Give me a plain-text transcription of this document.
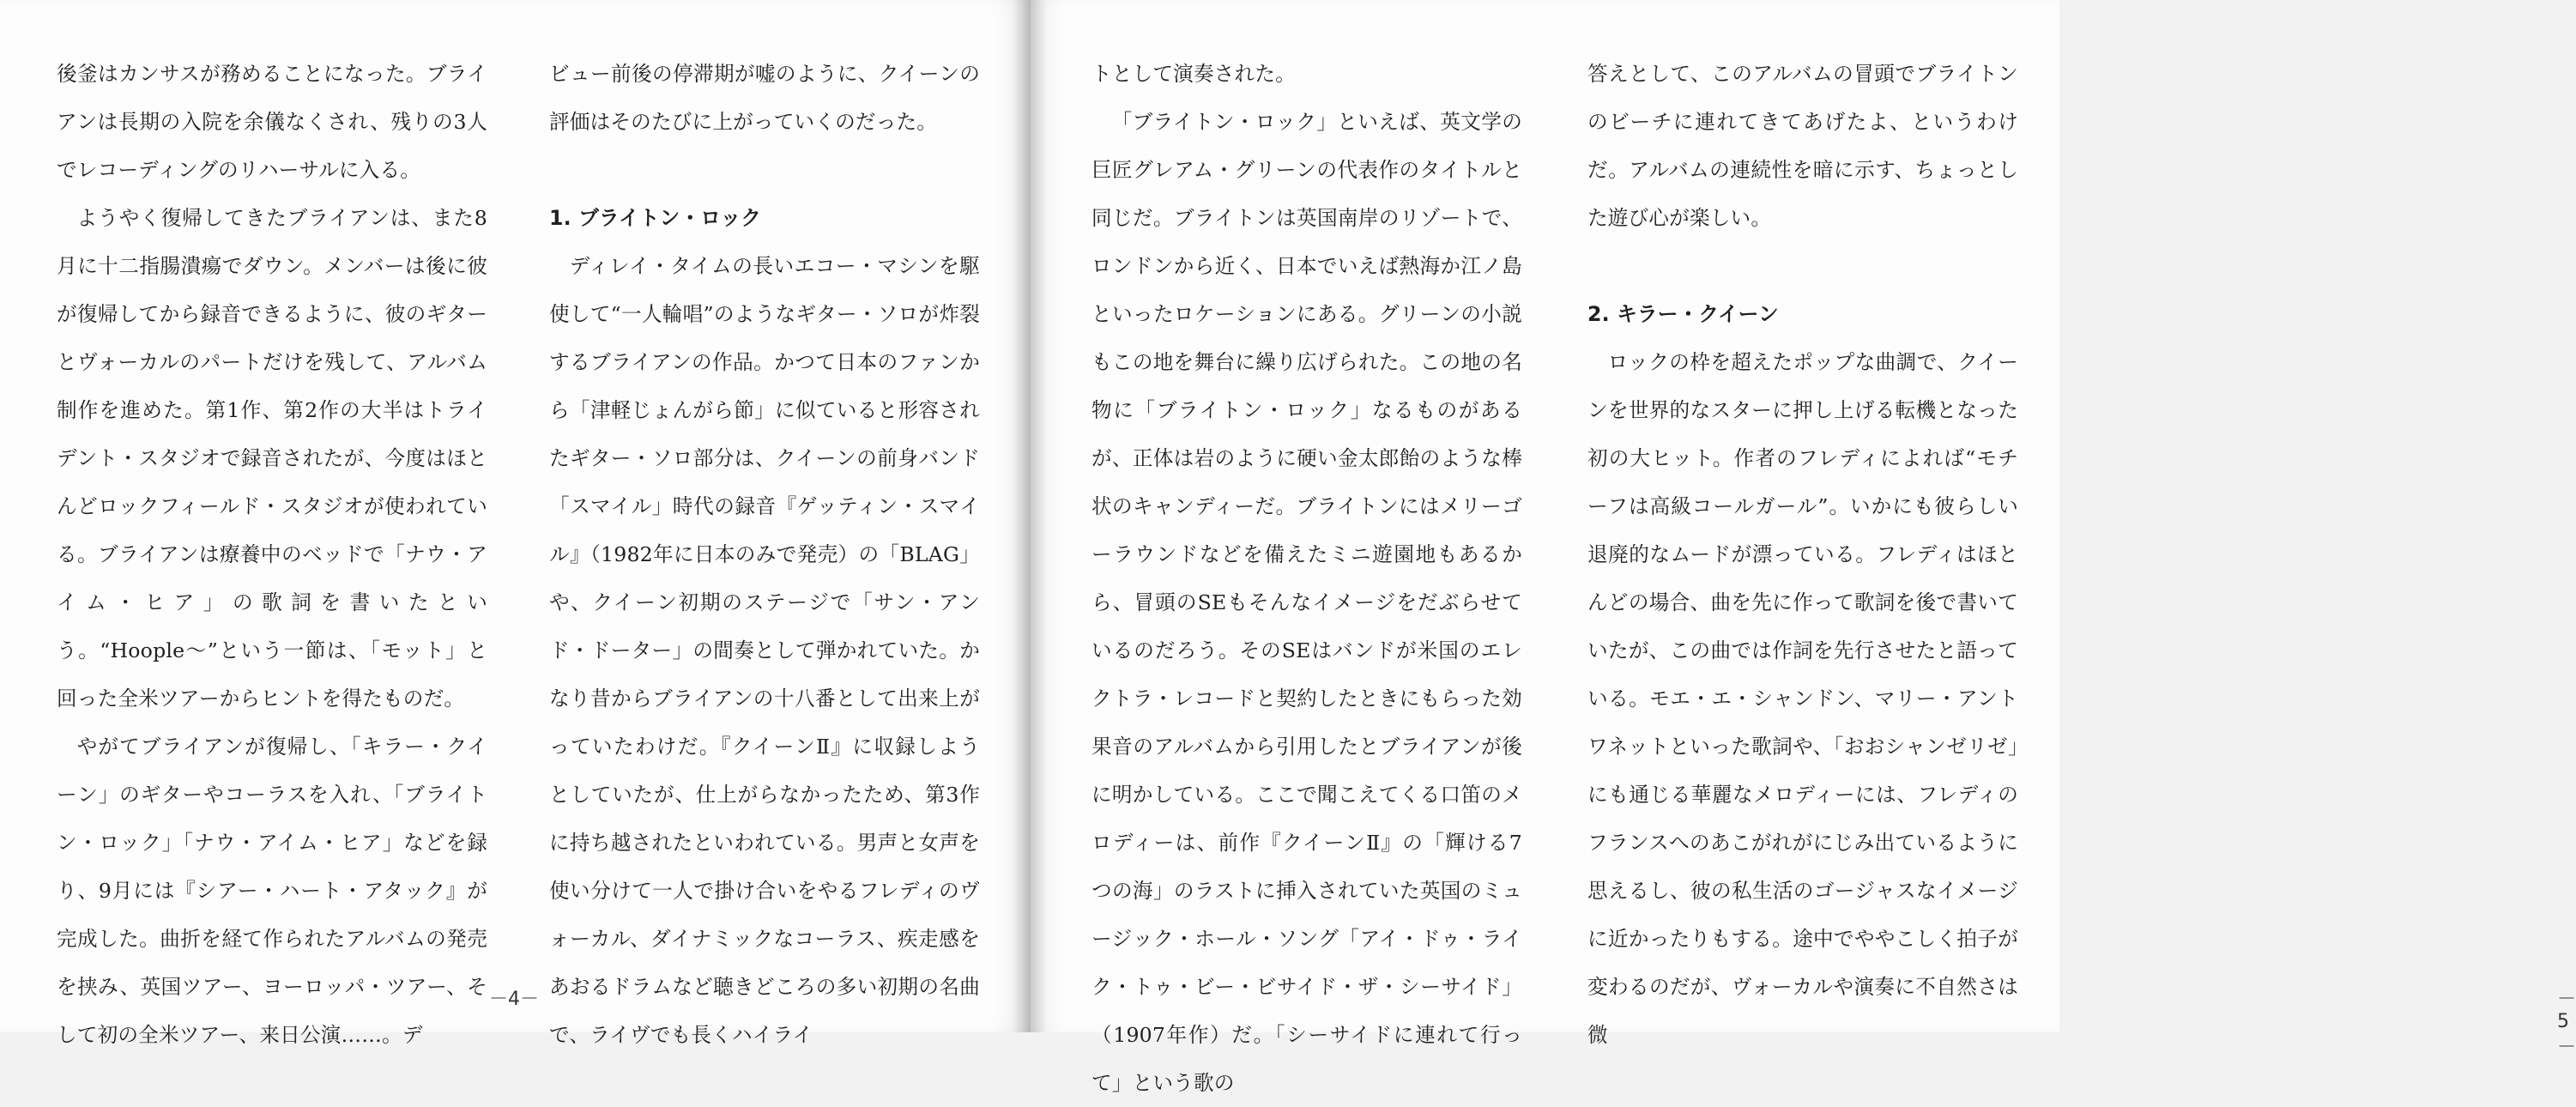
後釜はカンサスが務めることになった。ブライアンは長期の入院を余儀なくされ、残りの3人でレコーディングのリハーサルに入る。

ようやく復帰してきたブライアンは、また8月に十二指腸潰瘍でダウン。メンバーは後に彼が復帰してから録音できるように、彼のギターとヴォーカルのパートだけを残して、アルバム制作を進めた。第1作、第2作の大半はトライデント・スタジオで録音されたが、今度はほとんどロックフィールド・スタジオが使われている。ブライアンは療養中のベッドで「ナウ・アイム・ヒア」の歌詞を書いたという。“Hoople～”という一節は、「モット」と回った全米ツアーからヒントを得たものだ。

やがてブライアンが復帰し、「キラー・クイーン」のギターやコーラスを入れ、「ブライトン・ロック」「ナウ・アイム・ヒア」などを録り、9月には『シアー・ハート・アタック』が完成した。曲折を経て作られたアルバムの発売を挟み、英国ツアー、ヨーロッパ・ツアー、そして初の全米ツアー、来日公演……。デ

ビュー前後の停滞期が嘘のように、クイーンの評価はそのたびに上がっていくのだった。

1. ブライトン・ロック

ディレイ・タイムの長いエコー・マシンを駆使して“一人輪唱”のようなギター・ソロが炸裂するブライアンの作品。かつて日本のファンから「津軽じょんがら節」に似ていると形容されたギター・ソロ部分は、クイーンの前身バンド「スマイル」時代の録音『ゲッティン・スマイル』（1982年に日本のみで発売）の「BLAG」や、クイーン初期のステージで「サン・アンド・ドーター」の間奏として弾かれていた。かなり昔からブライアンの十八番として出来上がっていたわけだ。『クイーンⅡ』に収録しようとしていたが、仕上がらなかったため、第3作に持ち越されたといわれている。男声と女声を使い分けて一人で掛け合いをやるフレディのヴォーカル、ダイナミックなコーラス、疾走感をあおるドラムなど聴きどころの多い初期の名曲で、ライヴでも長くハイライ

－4－	－5－

トとして演奏された。

「ブライトン・ロック」といえば、英文学の巨匠グレアム・グリーンの代表作のタイトルと同じだ。ブライトンは英国南岸のリゾートで、ロンドンから近く、日本でいえば熱海か江ノ島といったロケーションにある。グリーンの小説もこの地を舞台に繰り広げられた。この地の名物に「ブライトン・ロック」なるものがあるが、正体は岩のように硬い金太郎飴のような棒状のキャンディーだ。ブライトンにはメリーゴーラウンドなどを備えたミニ遊園地もあるから、冒頭のSEもそんなイメージをだぶらせているのだろう。そのSEはバンドが米国のエレクトラ・レコードと契約したときにもらった効果音のアルバムから引用したとブライアンが後に明かしている。ここで聞こえてくる口笛のメロディーは、前作『クイーンⅡ』の「輝ける7つの海」のラストに挿入されていた英国のミュージック・ホール・ソング「アイ・ドゥ・ライク・トゥ・ビー・ビサイド・ザ・シーサイド」（1907年作）だ。「シーサイドに連れて行って」という歌の

答えとして、このアルバムの冒頭でブライトンのビーチに連れてきてあげたよ、というわけだ。アルバムの連続性を暗に示す、ちょっとした遊び心が楽しい。

2. キラー・クイーン

ロックの枠を超えたポップな曲調で、クイーンを世界的なスターに押し上げる転機となった初の大ヒット。作者のフレディによれば“モチーフは高級コールガール”。いかにも彼らしい退廃的なムードが漂っている。フレディはほとんどの場合、曲を先に作って歌詞を後で書いていたが、この曲では作詞を先行させたと語っている。モエ・エ・シャンドン、マリー・アントワネットといった歌詞や、「おおシャンゼリゼ」にも通じる華麗なメロディーには、フレディのフランスへのあこがれがにじみ出ているように思えるし、彼の私生活のゴージャスなイメージに近かったりもする。途中でややこしく拍子が変わるのだが、ヴォーカルや演奏に不自然さは微
